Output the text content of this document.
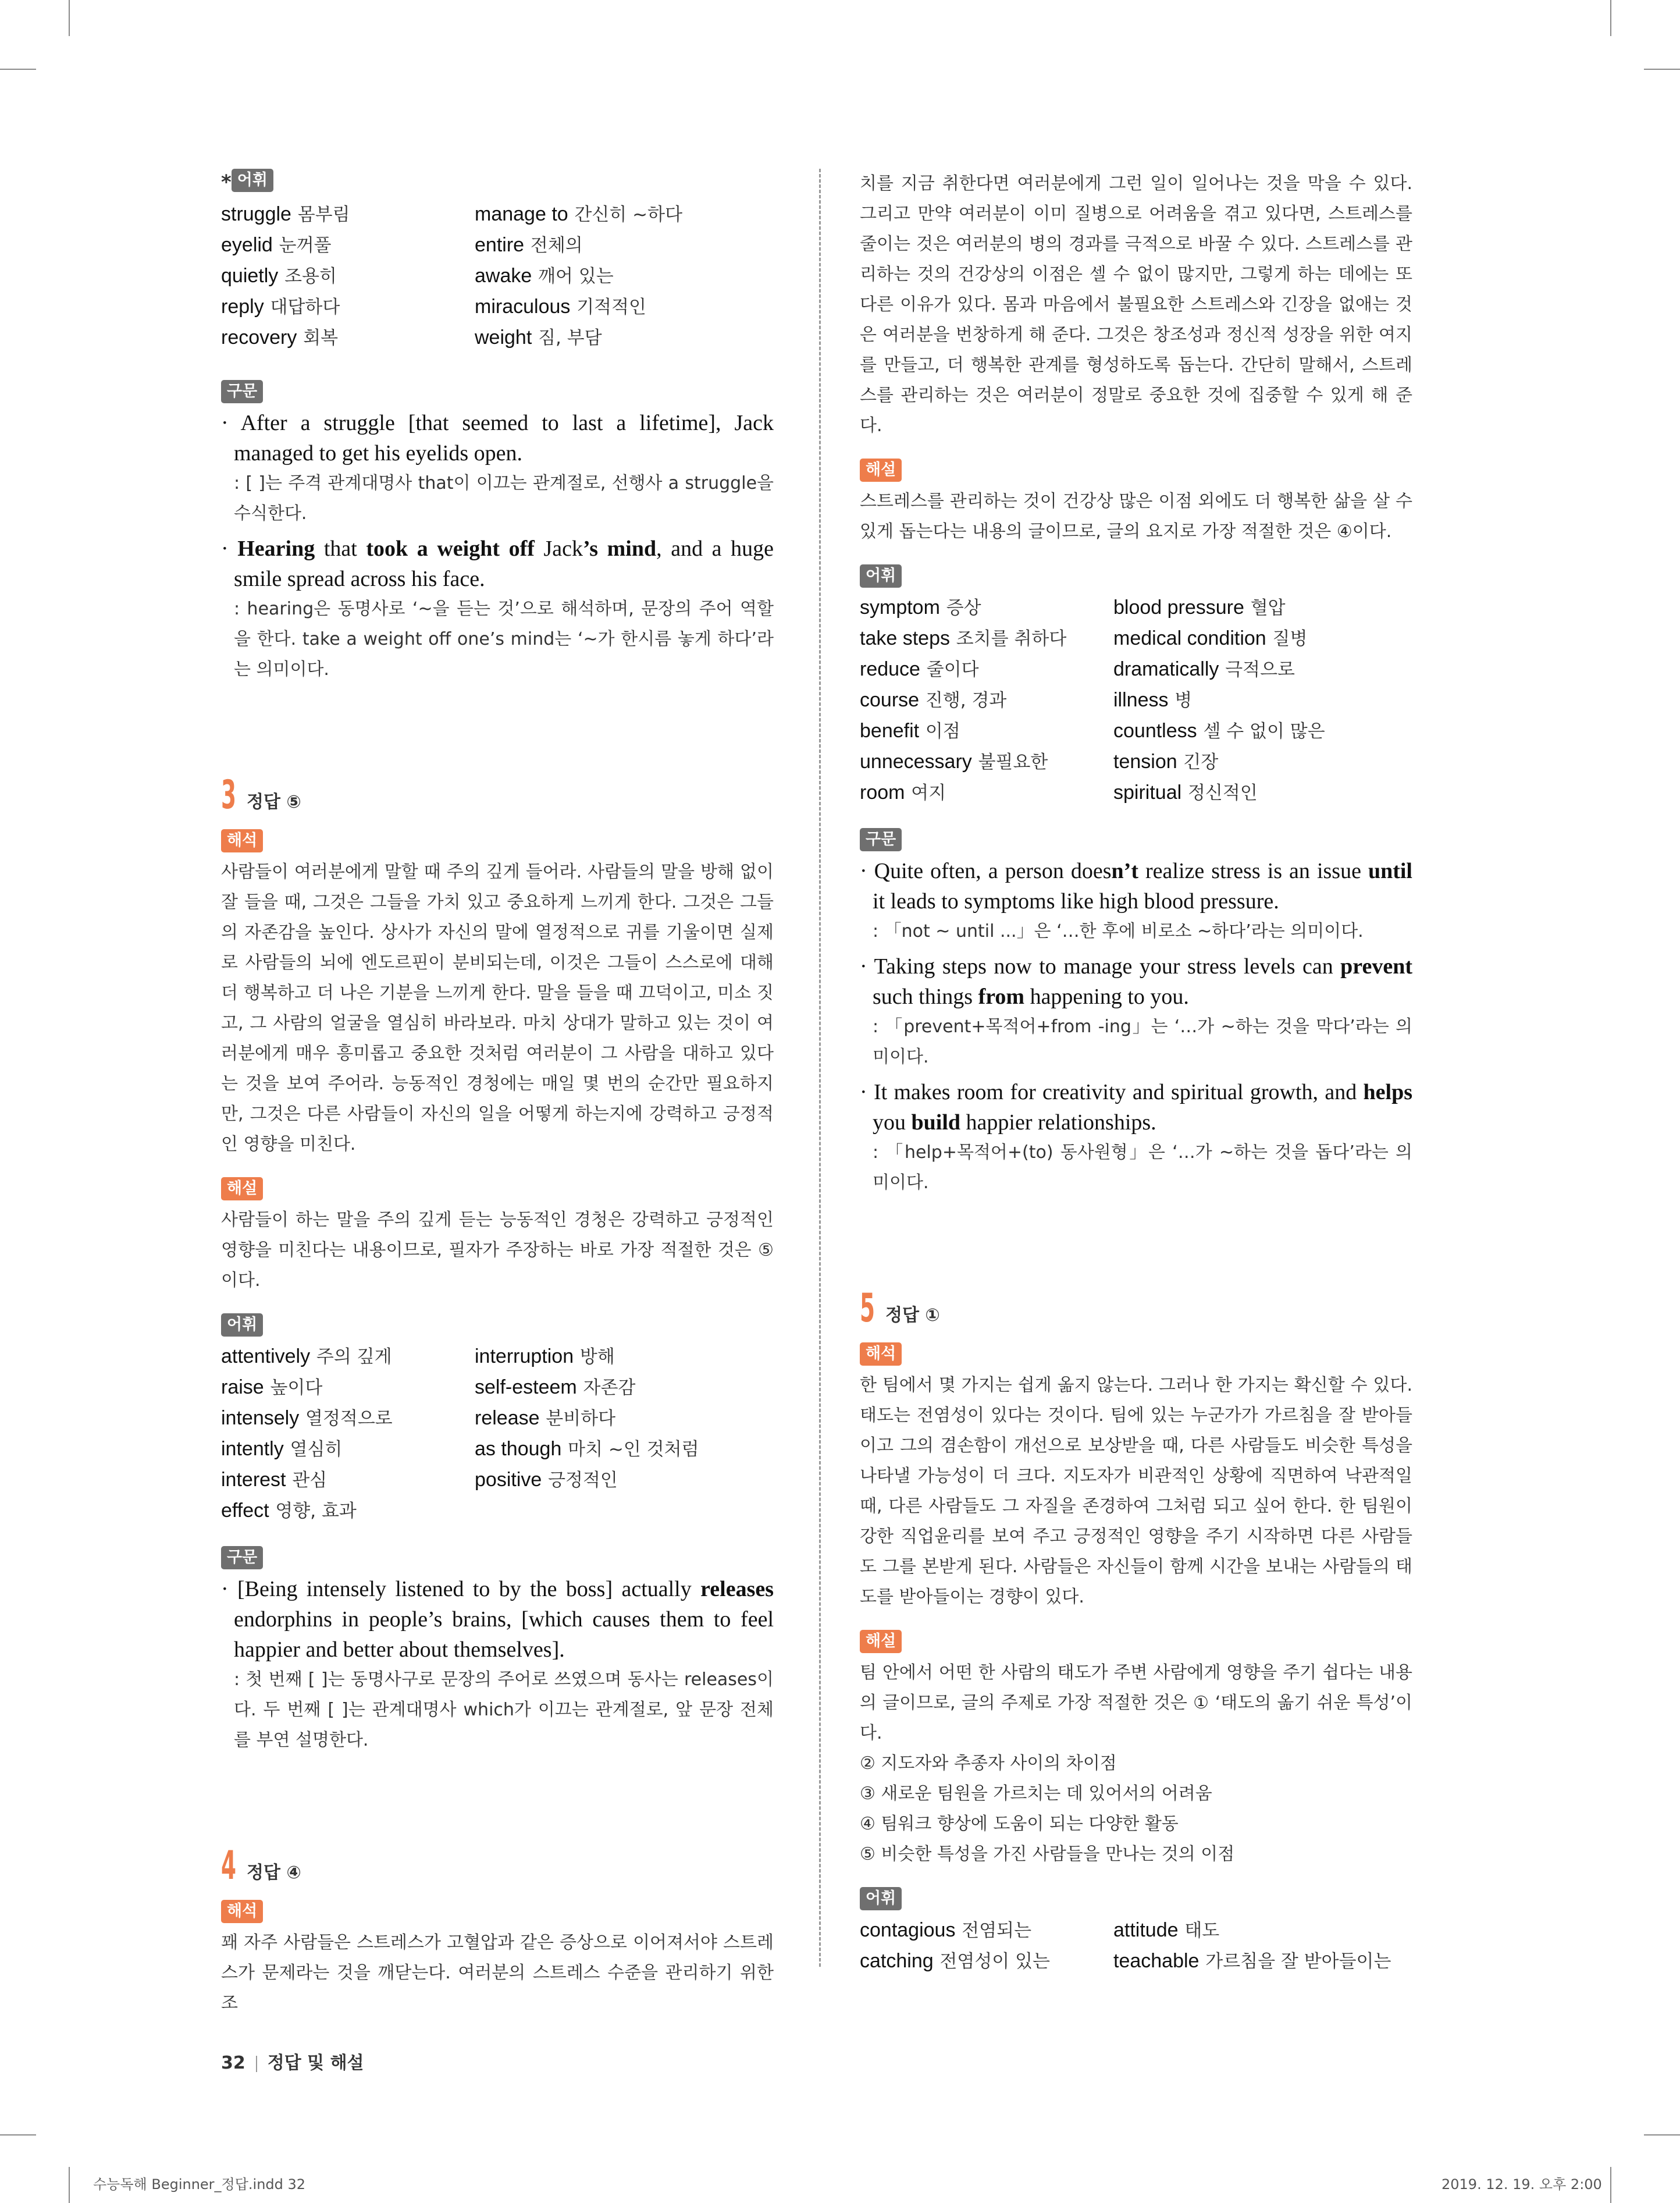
* 어휘
struggle 몸부림	manage to 간신히 ~하다
eyelid 눈꺼풀	entire 전체의
quietly 조용히	awake 깨어 있는
reply 대답하다	miraculous 기적적인
recovery 회복	weight 짐, 부담
구문

· After a struggle [that seemed to last a lifetime], Jack managed to get his eyelids open.

: [ ]는 주격 관계대명사 that이 이끄는 관계절로, 선행사 a struggle을 수식한다.

· Hearing that took a weight off Jack’s mind, and a huge smile spread across his face.

: hearing은 동명사로 ‘~을 듣는 것’으로 해석하며, 문장의 주어 역할을 한다. take a weight off one’s mind는 ‘~가 한시름 놓게 하다’라는 의미이다.

3 정답 ⑤
해석

사람들이 여러분에게 말할 때 주의 깊게 들어라. 사람들의 말을 방해 없이 잘 들을 때, 그것은 그들을 가치 있고 중요하게 느끼게 한다. 그것은 그들의 자존감을 높인다. 상사가 자신의 말에 열정적으로 귀를 기울이면 실제로 사람들의 뇌에 엔도르핀이 분비되는데, 이것은 그들이 스스로에 대해 더 행복하고 더 나은 기분을 느끼게 한다. 말을 들을 때 끄덕이고, 미소 짓고, 그 사람의 얼굴을 열심히 바라보라. 마치 상대가 말하고 있는 것이 여러분에게 매우 흥미롭고 중요한 것처럼 여러분이 그 사람을 대하고 있다는 것을 보여 주어라. 능동적인 경청에는 매일 몇 번의 순간만 필요하지만, 그것은 다른 사람들이 자신의 일을 어떻게 하는지에 강력하고 긍정적인 영향을 미친다.

해설

사람들이 하는 말을 주의 깊게 듣는 능동적인 경청은 강력하고 긍정적인 영향을 미친다는 내용이므로, 필자가 주장하는 바로 가장 적절한 것은 ⑤이다.

어휘
attentively 주의 깊게	interruption 방해
raise 높이다	self-esteem 자존감
intensely 열정적으로	release 분비하다
intently 열심히	as though 마치 ~인 것처럼
interest 관심	positive 긍정적인
effect 영향, 효과
구문

· [Being intensely listened to by the boss] actually releases endorphins in people’s brains, [which causes them to feel happier and better about themselves].

: 첫 번째 [ ]는 동명사구로 문장의 주어로 쓰였으며 동사는 releases이다. 두 번째 [ ]는 관계대명사 which가 이끄는 관계절로, 앞 문장 전체를 부연 설명한다.

4 정답 ④
해석

꽤 자주 사람들은 스트레스가 고혈압과 같은 증상으로 이어져서야 스트레스가 문제라는 것을 깨닫는다. 여러분의 스트레스 수준을 관리하기 위한 조

치를 지금 취한다면 여러분에게 그런 일이 일어나는 것을 막을 수 있다. 그리고 만약 여러분이 이미 질병으로 어려움을 겪고 있다면, 스트레스를 줄이는 것은 여러분의 병의 경과를 극적으로 바꿀 수 있다. 스트레스를 관리하는 것의 건강상의 이점은 셀 수 없이 많지만, 그렇게 하는 데에는 또 다른 이유가 있다. 몸과 마음에서 불필요한 스트레스와 긴장을 없애는 것은 여러분을 번창하게 해 준다. 그것은 창조성과 정신적 성장을 위한 여지를 만들고, 더 행복한 관계를 형성하도록 돕는다. 간단히 말해서, 스트레스를 관리하는 것은 여러분이 정말로 중요한 것에 집중할 수 있게 해 준다.

해설

스트레스를 관리하는 것이 건강상 많은 이점 외에도 더 행복한 삶을 살 수 있게 돕는다는 내용의 글이므로, 글의 요지로 가장 적절한 것은 ④이다.

어휘
symptom 증상	blood pressure 혈압
take steps 조치를 취하다	medical condition 질병
reduce 줄이다	dramatically 극적으로
course 진행, 경과	illness 병
benefit 이점	countless 셀 수 없이 많은
unnecessary 불필요한	tension 긴장
room 여지	spiritual 정신적인
구문

· Quite often, a person doesn’t realize stress is an issue until it leads to symptoms like high blood pressure.

: 「not ~ until ...」은 ‘…한 후에 비로소 ~하다’라는 의미이다.

· Taking steps now to manage your stress levels can prevent such things from happening to you.

: 「prevent+목적어+from -ing」는 ‘…가 ~하는 것을 막다’라는 의미이다.

· It makes room for creativity and spiritual growth, and helps you build happier relationships.

: 「help+목적어+(to) 동사원형」은 ‘…가 ~하는 것을 돕다’라는 의미이다.

5 정답 ①
해석

한 팀에서 몇 가지는 쉽게 옮지 않는다. 그러나 한 가지는 확신할 수 있다. 태도는 전염성이 있다는 것이다. 팀에 있는 누군가가 가르침을 잘 받아들이고 그의 겸손함이 개선으로 보상받을 때, 다른 사람들도 비슷한 특성을 나타낼 가능성이 더 크다. 지도자가 비관적인 상황에 직면하여 낙관적일 때, 다른 사람들도 그 자질을 존경하여 그처럼 되고 싶어 한다. 한 팀원이 강한 직업윤리를 보여 주고 긍정적인 영향을 주기 시작하면 다른 사람들도 그를 본받게 된다. 사람들은 자신들이 함께 시간을 보내는 사람들의 태도를 받아들이는 경향이 있다.

해설

팀 안에서 어떤 한 사람의 태도가 주변 사람에게 영향을 주기 쉽다는 내용의 글이므로, 글의 주제로 가장 적절한 것은 ① ‘태도의 옮기 쉬운 특성’이다.

② 지도자와 추종자 사이의 차이점

③ 새로운 팀원을 가르치는 데 있어서의 어려움

④ 팀워크 향상에 도움이 되는 다양한 활동

⑤ 비슷한 특성을 가진 사람들을 만나는 것의 이점

어휘
contagious 전염되는	attitude 태도
catching 전염성이 있는	teachable 가르침을 잘 받아들이는
32 정답 및 해설
수능독해 Beginner_정답.indd 32	2019. 12. 19. 오후 2:00
